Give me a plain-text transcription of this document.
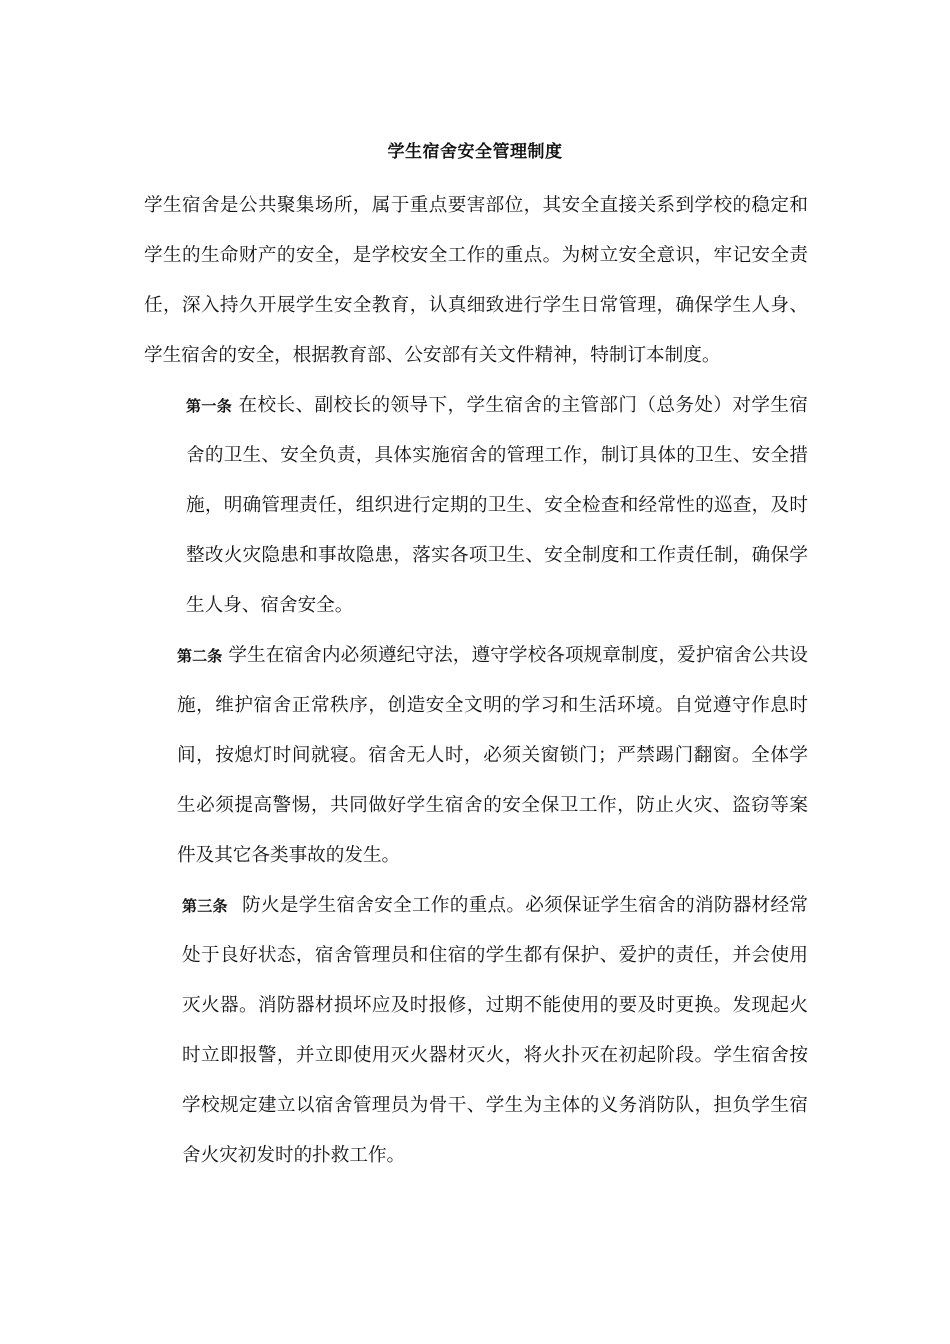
学生宿舍安全管理制度

学生宿舍是公共聚集场所，属于重点要害部位，其安全直接关系到学校的稳定和学生的生命财产的安全，是学校安全工作的重点。为树立安全意识，牢记安全责任，深入持久开展学生安全教育，认真细致进行学生日常管理，确保学生人身、学生宿舍的安全，根据教育部、公安部有关文件精神，特制订本制度。

第一条 在校长、副校长的领导下，学生宿舍的主管部门（总务处）对学生宿舍的卫生、安全负责，具体实施宿舍的管理工作，制订具体的卫生、安全措施，明确管理责任，组织进行定期的卫生、安全检查和经常性的巡查，及时整改火灾隐患和事故隐患，落实各项卫生、安全制度和工作责任制，确保学生人身、宿舍安全。

第二条 学生在宿舍内必须遵纪守法，遵守学校各项规章制度，爱护宿舍公共设施，维护宿舍正常秩序，创造安全文明的学习和生活环境。自觉遵守作息时间，按熄灯时间就寝。宿舍无人时，必须关窗锁门；严禁踢门翻窗。全体学生必须提高警惕，共同做好学生宿舍的安全保卫工作，防止火灾、盗窃等案件及其它各类事故的发生。

第三条 防火是学生宿舍安全工作的重点。必须保证学生宿舍的消防器材经常处于良好状态，宿舍管理员和住宿的学生都有保护、爱护的责任，并会使用灭火器。消防器材损坏应及时报修，过期不能使用的要及时更换。发现起火时立即报警，并立即使用灭火器材灭火，将火扑灭在初起阶段。学生宿舍按学校规定建立以宿舍管理员为骨干、学生为主体的义务消防队，担负学生宿舍火灾初发时的扑救工作。
